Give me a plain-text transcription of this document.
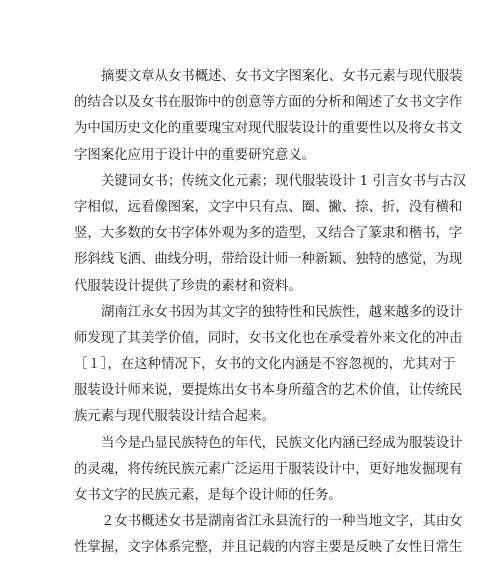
摘要文章从女书概述、女书文字图案化、女书元素与现代服装
的结合以及女书在服饰中的创意等方面的分析和阐述了女书文字作
为中国历史文化的重要瑰宝对现代服装设计的重要性以及将女书文
字图案化应用于设计中的重要研究意义。
关键词女书；传统文化元素；现代服装设计 1 引言女书与古汉
字相似，远看像图案，文字中只有点、圈、撇、捺、折，没有横和
竖，大多数的女书字体外观为多的造型，又结合了篆隶和楷书，字
形斜线飞洒、曲线分明，带给设计师一种新颖、独特的感觉，为现
代服装设计提供了珍贵的素材和资料。
湖南江永女书因为其文字的独特性和民族性，越来越多的设计
师发现了其美学价值，同时，女书文化也在承受着外来文化的冲击
［１］，在这种情况下，女书的文化内涵是不容忽视的，尤其对于
服装设计师来说，要提炼出女书本身所蕴含的艺术价值，让传统民
族元素与现代服装设计结合起来。
当今是凸显民族特色的年代，民族文化内涵已经成为服装设计
的灵魂，将传统民族元素广泛运用于服装设计中，更好地发掘现有
女书文字的民族元素，是每个设计师的任务。
２女书概述女书是湖南省江永县流行的一种当地文字，其由女
性掌握，文字体系完整，并且记载的内容主要是反映了女性日常生
